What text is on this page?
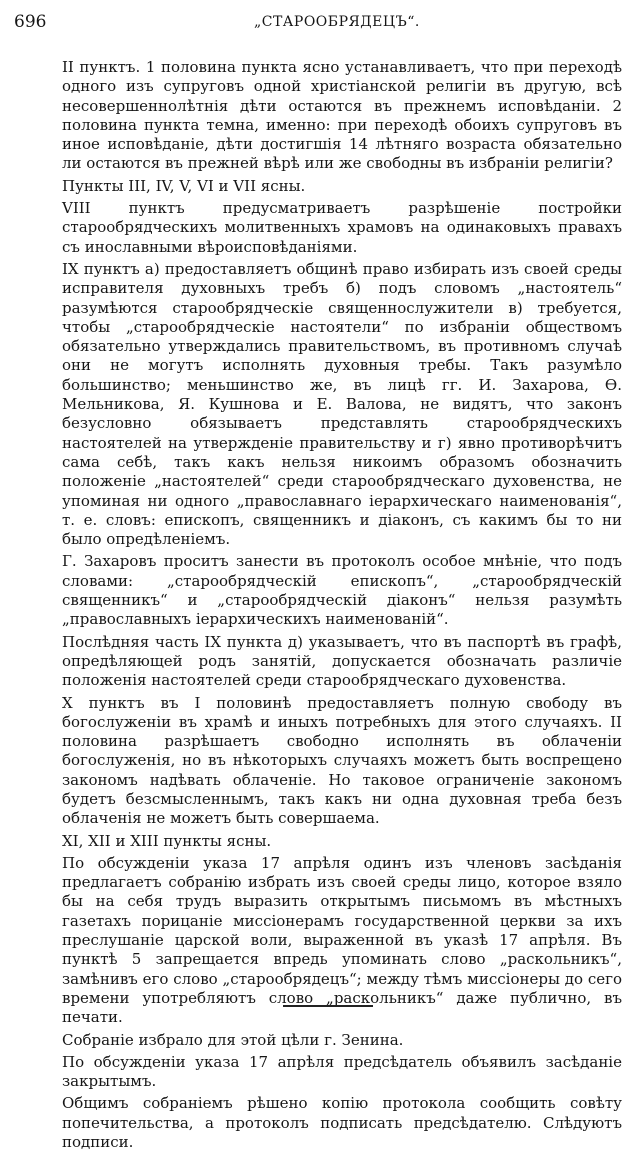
696	„СТАРООБРЯДЕЦЪ“.

II пунктъ. 1 половина пункта ясно устанавливаетъ, что при переходѣ одного изъ супруговъ одной христіанской религіи въ другую, всѣ несовершеннолѣтнія дѣти остаются въ прежнемъ исповѣданіи. 2 половина пункта темна, именно: при переходѣ обоихъ супруговъ въ иное исповѣданіе, дѣти достигшія 14 лѣтняго возраста обязательно ли остаются въ прежней вѣрѣ или же свободны въ избраніи религіи?

Пункты III, IV, V, VI и VII ясны.

VIII пунктъ предусматриваетъ разрѣшеніе постройки старообрядческихъ молитвенныхъ храмовъ на одинаковыхъ правахъ съ инославными вѣроисповѣданіями.

IX пунктъ а) предоставляетъ общинѣ право избирать изъ своей среды исправителя духовныхъ требъ б) подъ словомъ „настоятель“ разумѣются старообрядческіе священнослужители в) требуется, чтобы „старообрядческіе настоятели“ по избраніи обществомъ обязательно утверждались правительствомъ, въ противномъ случаѣ они не могутъ исполнять духовныя требы. Такъ разумѣло большинство; меньшинство же, въ лицѣ гг. И. Захарова, Ѳ. Мельникова, Я. Кушнова и Е. Валова, не видятъ, что законъ безусловно обязываетъ представлять старообрядческихъ настоятелей на утвержденіе правительству и г) явно противорѣчитъ сама себѣ, такъ какъ нельзя никоимъ образомъ обозначить положеніе „настоятелей“ среди старообрядческаго духовенства, не упоминая ни одного „православнаго іерархическаго наименованія“, т. е. словъ: епископъ, священникъ и діаконъ, съ какимъ бы то ни было опредѣленіемъ.

Г. Захаровъ проситъ занести въ протоколъ особое мнѣніе, что подъ словами: „старообрядческій епископъ“, „старообрядческій священникъ“ и „старообрядческій діаконъ“ нельзя разумѣть „православныхъ іерархическихъ наименованій“.

Послѣдняя часть IX пункта д) указываетъ, что въ паспортѣ въ графѣ, опредѣляющей родъ занятій, допускается обозначать различіе положенія настоятелей среди старообрядческаго духовенства.

X пунктъ въ I половинѣ предоставляетъ полную свободу въ богослуженіи въ храмѣ и иныхъ потребныхъ для этого случаяхъ. II половина разрѣшаетъ свободно исполнять въ облаченіи богослуженія, но въ нѣкоторыхъ случаяхъ можетъ быть воспрещено закономъ надѣвать облаченіе. Но таковое ограниченіе закономъ будетъ безсмысленнымъ, такъ какъ ни одна духовная треба безъ облаченія не можетъ быть совершаема.

XI, XII и XIII пункты ясны.

По обсужденіи указа 17 апрѣля одинъ изъ членовъ засѣданія предлагаетъ собранію избрать изъ своей среды лицо, которое взяло бы на себя трудъ выразить открытымъ письмомъ въ мѣстныхъ газетахъ порицаніе миссіонерамъ государственной церкви за ихъ преслушаніе царской воли, выраженной въ указѣ 17 апрѣля. Въ пунктѣ 5 запрещается впредь упоминать слово „раскольникъ“, замѣнивъ его слово „старообрядецъ“; между тѣмъ миссіонеры до сего времени употребляютъ слово „раскольникъ“ даже публично, въ печати.

Собраніе избрало для этой цѣли г. Зенина.

По обсужденіи указа 17 апрѣля предсѣдатель объявилъ засѣданіе закрытымъ.

Общимъ собраніемъ рѣшено копію протокола сообщить совѣту попечительства, а протоколъ подписать предсѣдателю. Слѣдуютъ подписи.
